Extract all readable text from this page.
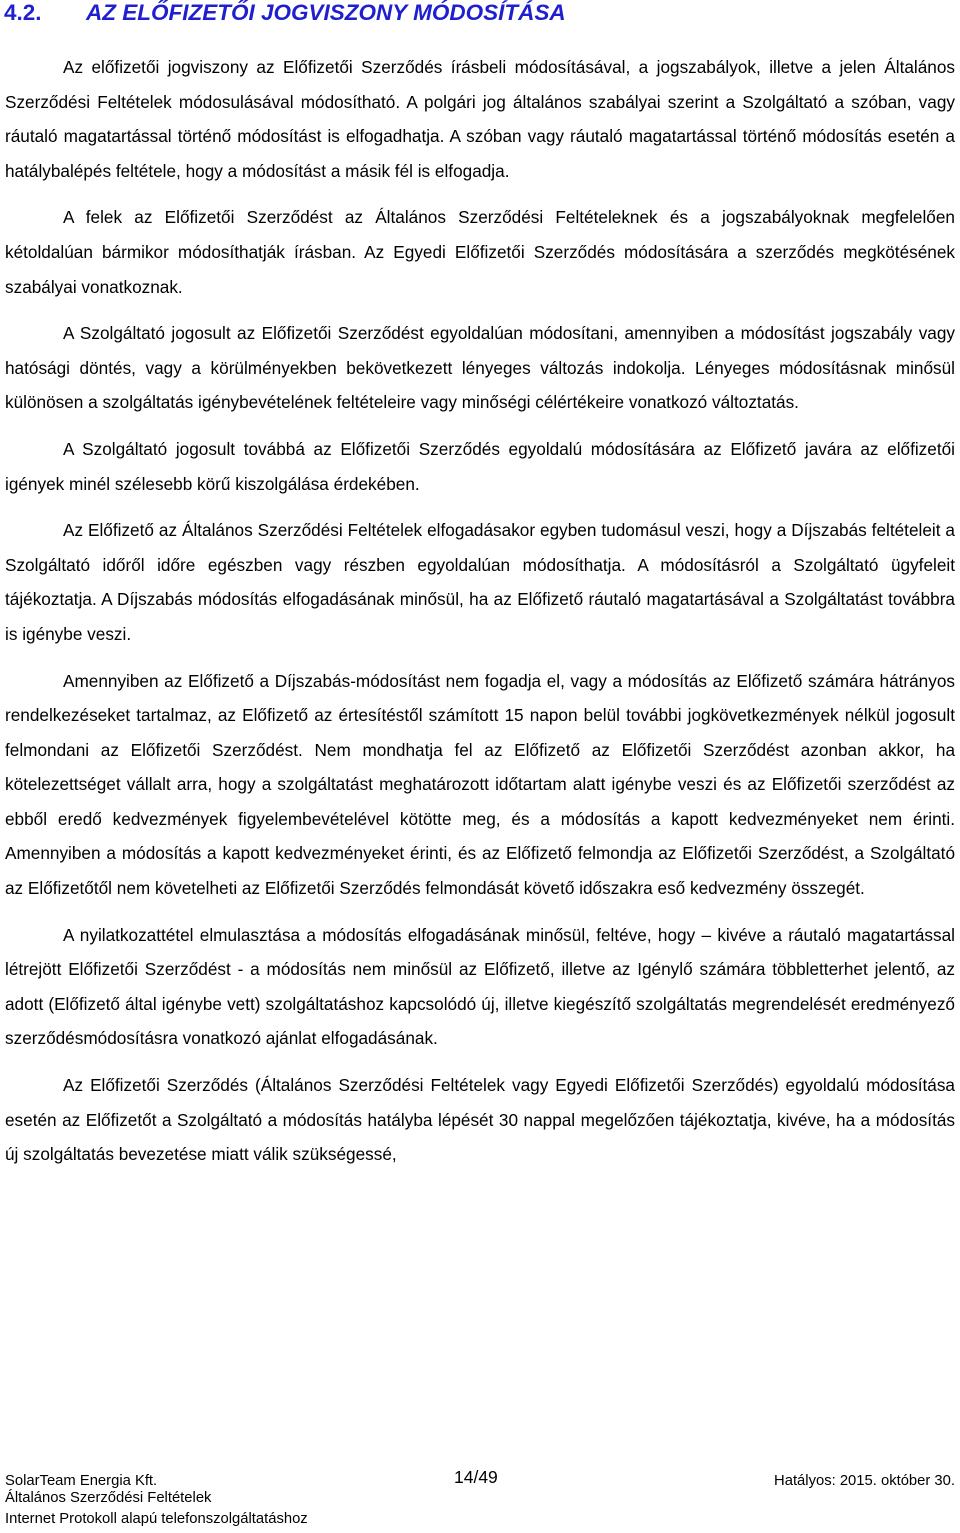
4.2. AZ ELŐFIZETŐI JOGVISZONY MÓDOSÍTÁSA

Az előfizetői jogviszony az Előfizetői Szerződés írásbeli módosításával, a jogszabályok, illetve a jelen Általános Szerződési Feltételek módosulásával módosítható. A polgári jog általános szabályai szerint a Szolgáltató a szóban, vagy ráutaló magatartással történő módosítást is elfogadhatja. A szóban vagy ráutaló magatartással történő módosítás esetén a hatálybalépés feltétele, hogy a módosítást a másik fél is elfogadja.

A felek az Előfizetői Szerződést az Általános Szerződési Feltételeknek és a jogszabályoknak megfelelően kétoldalúan bármikor módosíthatják írásban. Az Egyedi Előfizetői Szerződés módosítására a szerződés megkötésének szabályai vonatkoznak.

A Szolgáltató jogosult az Előfizetői Szerződést egyoldalúan módosítani, amennyiben a módosítást jogszabály vagy hatósági döntés, vagy a körülményekben bekövetkezett lényeges változás indokolja. Lényeges módosításnak minősül különösen a szolgáltatás igénybevételének feltételeire vagy minőségi célértékeire vonatkozó változtatás.

A Szolgáltató jogosult továbbá az Előfizetői Szerződés egyoldalú módosítására az Előfizető javára az előfizetői igények minél szélesebb körű kiszolgálása érdekében.

Az Előfizető az Általános Szerződési Feltételek elfogadásakor egyben tudomásul veszi, hogy a Díjszabás feltételeit a Szolgáltató időről időre egészben vagy részben egyoldalúan módosíthatja. A módosításról a Szolgáltató ügyfeleit tájékoztatja. A Díjszabás módosítás elfogadásának minősül, ha az Előfizető ráutaló magatartásával a Szolgáltatást továbbra is igénybe veszi.

Amennyiben az Előfizető a Díjszabás-módosítást nem fogadja el, vagy a módosítás az Előfizető számára hátrányos rendelkezéseket tartalmaz, az Előfizető az értesítéstől számított 15 napon belül további jogkövetkezmények nélkül jogosult felmondani az Előfizetői Szerződést. Nem mondhatja fel az Előfizető az Előfizetői Szerződést azonban akkor, ha kötelezettséget vállalt arra, hogy a szolgáltatást meghatározott időtartam alatt igénybe veszi és az Előfizetői szerződést az ebből eredő kedvezmények figyelembevételével kötötte meg, és a módosítás a kapott kedvezményeket nem érinti. Amennyiben a módosítás a kapott kedvezményeket érinti, és az Előfizető felmondja az Előfizetői Szerződést, a Szolgáltató az Előfizetőtől nem követelheti az Előfizetői Szerződés felmondását követő időszakra eső kedvezmény összegét.

A nyilatkozattétel elmulasztása a módosítás elfogadásának minősül, feltéve, hogy – kivéve a ráutaló magatartással létrejött Előfizetői Szerződést - a módosítás nem minősül az Előfizető, illetve az Igénylő számára többletterhet jelentő, az adott (Előfizető által igénybe vett) szolgáltatáshoz kapcsolódó új, illetve kiegészítő szolgáltatás megrendelését eredményező szerződésmódosításra vonatkozó ajánlat elfogadásának.

Az Előfizetői Szerződés (Általános Szerződési Feltételek vagy Egyedi Előfizetői Szerződés) egyoldalú módosítása esetén az Előfizetőt a Szolgáltató a módosítás hatályba lépését 30 nappal megelőzően tájékoztatja, kivéve, ha a módosítás új szolgáltatás bevezetése miatt válik szükségessé,

SolarTeam Energia Kft.	14/49	Hatályos: 2015. október 30.
Általános Szerződési Feltételek
Internet Protokoll alapú telefonszolgáltatáshoz
